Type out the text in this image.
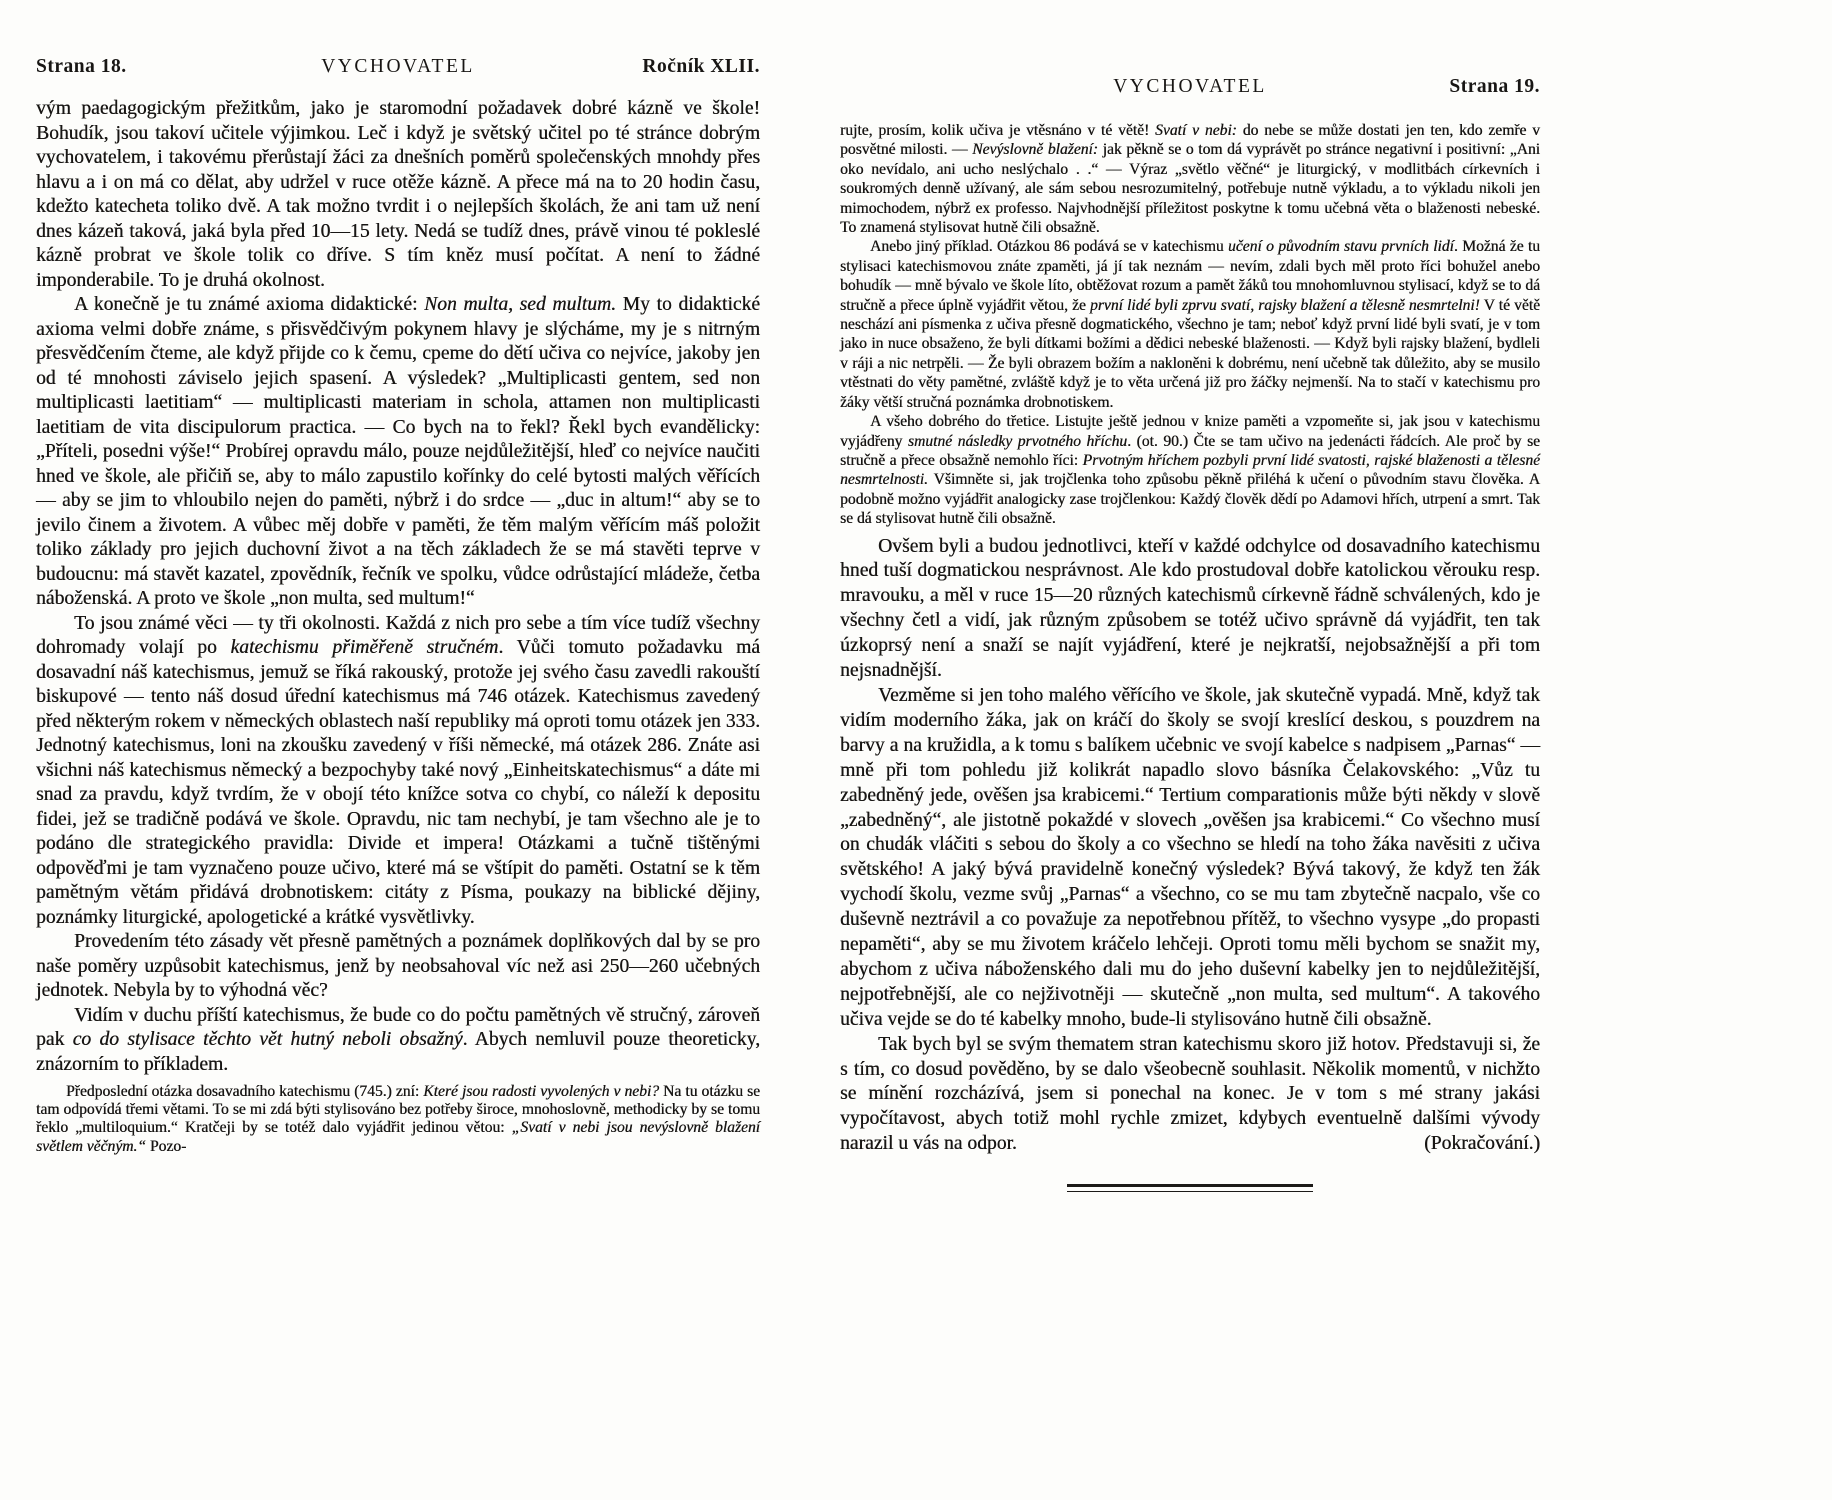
Strana 18.	VYCHOVATEL	Ročník XLII.

vým paedagogickým přežitkům, jako je staromodní požadavek dobré kázně ve škole! Bohudík, jsou takoví učitele výjimkou. Leč i když je světský učitel po té stránce dobrým vychovatelem, i takovému přerůstají žáci za dnešních poměrů společenských mnohdy přes hlavu a i on má co dělat, aby udržel v ruce otěže kázně. A přece má na to 20 hodin času, kdežto katecheta toliko dvě. A tak možno tvrdit i o nejlepších školách, že ani tam už není dnes kázeň taková, jaká byla před 10—15 lety. Nedá se tudíž dnes, právě vinou té pokleslé kázně probrat ve škole tolik co dříve. S tím kněz musí počítat. A není to žádné imponderabile. To je druhá okolnost.

A konečně je tu známé axioma didaktické: Non multa, sed multum. My to didaktické axioma velmi dobře známe, s přisvědčivým pokynem hlavy je slýcháme, my je s nitrným přesvědčením čteme, ale když přijde co k čemu, cpeme do dětí učiva co nejvíce, jakoby jen od té mnohosti záviselo jejich spasení. A výsledek? „Multiplicasti gentem, sed non multiplicasti laetitiam“ — multiplicasti materiam in schola, attamen non multiplicasti laetitiam de vita discipulorum practica. — Co bych na to řekl? Řekl bych evandělicky: „Příteli, posedni výše!“ Probírej opravdu málo, pouze nejdůležitější, hleď co nejvíce naučiti hned ve škole, ale přičiň se, aby to málo zapustilo kořínky do celé bytosti malých věřících — aby se jim to vhloubilo nejen do paměti, nýbrž i do srdce — „duc in altum!“ aby se to jevilo činem a životem. A vůbec měj dobře v paměti, že těm malým věřícím máš položit toliko základy pro jejich duchovní život a na těch základech že se má stavěti teprve v budoucnu: má stavět kazatel, zpovědník, řečník ve spolku, vůdce odrůstající mládeže, četba náboženská. A proto ve škole „non multa, sed multum!“

To jsou známé věci — ty tři okolnosti. Každá z nich pro sebe a tím více tudíž všechny dohromady volají po katechismu přiměřeně stručném. Vůči tomuto požadavku má dosavadní náš katechismus, jemuž se říká rakouský, protože jej svého času zavedli rakouští biskupové — tento náš dosud úřední katechismus má 746 otázek. Katechismus zavedený před některým rokem v německých oblastech naší republiky má oproti tomu otázek jen 333. Jednotný katechismus, loni na zkoušku zavedený v říši německé, má otázek 286. Znáte asi všichni náš katechismus německý a bezpochyby také nový „Einheitskatechismus“ a dáte mi snad za pravdu, když tvrdím, že v obojí této knížce sotva co chybí, co náleží k depositu fidei, jež se tradičně podává ve škole. Opravdu, nic tam nechybí, je tam všechno ale je to podáno dle strategického pravidla: Divide et impera! Otázkami a tučně tištěnými odpověďmi je tam vyznačeno pouze učivo, které má se vštípit do paměti. Ostatní se k těm pamětným větám přidává drobnotiskem: citáty z Písma, poukazy na biblické dějiny, poznámky liturgické, apologetické a krátké vysvětlivky.

Provedením této zásady vět přesně pamětných a poznámek doplňkových dal by se pro naše poměry uzpůsobit katechismus, jenž by neobsahoval víc než asi 250—260 učebných jednotek. Nebyla by to výhodná věc?

Vidím v duchu příští katechismus, že bude co do počtu pamětných vě stručný, zároveň pak co do stylisace těchto vět hutný neboli obsažný. Abych nemluvil pouze theoreticky, znázorním to příkladem.

Předposlední otázka dosavadního katechismu (745.) zní: Které jsou radosti vyvolených v nebi? Na tu otázku se tam odpovídá třemi větami. To se mi zdá býti stylisováno bez potřeby široce, mnohoslovně, methodicky by se tomu řeklo „multiloquium.“ Kratčeji by se totéž dalo vyjádřit jedinou větou: „Svatí v nebi jsou nevýslovně blažení světlem věčným.“ Pozo-

VYCHOVATEL	Strana 19.

rujte, prosím, kolik učiva je vtěsnáno v té větě! Svatí v nebi: do nebe se může dostati jen ten, kdo zemře v posvětné milosti. — Nevýslovně blažení: jak pěkně se o tom dá vyprávět po stránce negativní i positivní: „Ani oko nevídalo, ani ucho neslýchalo . .“ — Výraz „světlo věčné“ je liturgický, v modlitbách církevních i soukromých denně užívaný, ale sám sebou nesrozumitelný, potřebuje nutně výkladu, a to výkladu nikoli jen mimochodem, nýbrž ex professo. Najvhodnější příležitost poskytne k tomu učebná věta o blaženosti nebeské. To znamená stylisovat hutně čili obsažně.

Anebo jiný příklad. Otázkou 86 podává se v katechismu učení o původním stavu prvních lidí. Možná že tu stylisaci katechismovou znáte zpaměti, já jí tak neznám — nevím, zdali bych měl proto říci bohužel anebo bohudík — mně bývalo ve škole líto, obtěžovat rozum a pamět žáků tou mnohomluvnou stylisací, když se to dá stručně a přece úplně vyjádřit větou, že první lidé byli zprvu svatí, rajsky blažení a tělesně nesmrtelni! V té větě neschází ani písmenka z učiva přesně dogmatického, všechno je tam; neboť když první lidé byli svatí, je v tom jako in nuce obsaženo, že byli dítkami božími a dědici nebeské blaženosti. — Když byli rajsky blažení, bydleli v ráji a nic netrpěli. — Že byli obrazem božím a nakloněni k dobrému, není učebně tak důležito, aby se musilo vtěstnati do věty pamětné, zvláště když je to věta určená již pro žáčky nejmenší. Na to stačí v katechismu pro žáky větší stručná poznámka drobnotiskem.

A všeho dobrého do třetice. Listujte ještě jednou v knize paměti a vzpomeňte si, jak jsou v katechismu vyjádřeny smutné následky prvotného hříchu. (ot. 90.) Čte se tam učivo na jedenácti řádcích. Ale proč by se stručně a přece obsažně nemohlo říci: Prvotným hříchem pozbyli první lidé svatosti, rajské blaženosti a tělesné nesmrtelnosti. Všimněte si, jak trojčlenka toho způsobu pěkně přiléhá k učení o původním stavu člověka. A podobně možno vyjádřit analogicky zase trojčlenkou: Každý člověk dědí po Adamovi hřích, utrpení a smrt. Tak se dá stylisovat hutně čili obsažně.

Ovšem byli a budou jednotlivci, kteří v každé odchylce od dosavadního katechismu hned tuší dogmatickou nesprávnost. Ale kdo prostudoval dobře katolickou věrouku resp. mravouku, a měl v ruce 15—20 různých katechismů církevně řádně schválených, kdo je všechny četl a vidí, jak různým způsobem se totéž učivo správně dá vyjádřit, ten tak úzkoprsý není a snaží se najít vyjádření, které je nejkratší, nejobsažnější a při tom nejsnadnější.

Vezměme si jen toho malého věřícího ve škole, jak skutečně vypadá. Mně, když tak vidím moderního žáka, jak on kráčí do školy se svojí kreslící deskou, s pouzdrem na barvy a na kružidla, a k tomu s balíkem učebnic ve svojí kabelce s nadpisem „Parnas“ — mně při tom pohledu již kolikrát napadlo slovo básníka Čelakovského: „Vůz tu zabedněný jede, ověšen jsa krabicemi.“ Tertium comparationis může býti někdy v slově „zabedněný“, ale jistotně pokaždé v slovech „ověšen jsa krabicemi.“ Co všechno musí on chudák vláčiti s sebou do školy a co všechno se hledí na toho žáka navěsiti z učiva světského! A jaký bývá pravidelně konečný výsledek? Bývá takový, že když ten žák vychodí školu, vezme svůj „Parnas“ a všechno, co se mu tam zbytečně nacpalo, vše co duševně neztrávil a co považuje za nepotřebnou přítěž, to všechno vysype „do propasti nepaměti“, aby se mu životem kráčelo lehčeji. Oproti tomu měli bychom se snažit my, abychom z učiva náboženského dali mu do jeho duševní kabelky jen to nejdůležitější, nejpotřebnější, ale co nejživotněji — skutečně „non multa, sed multum“. A takového učiva vejde se do té kabelky mnoho, bude-li stylisováno hutně čili obsažně.

Tak bych byl se svým thematem stran katechismu skoro již hotov. Představuji si, že s tím, co dosud pověděno, by se dalo všeobecně souhlasit. Několik momentů, v nichžto se mínění rozcházívá, jsem si ponechal na konec. Je v tom s mé strany jakási vypočítavost, abych totiž mohl rychle zmizet, kdybych eventuelně dalšími vývody narazil u vás na odpor.	(Pokračování.)
